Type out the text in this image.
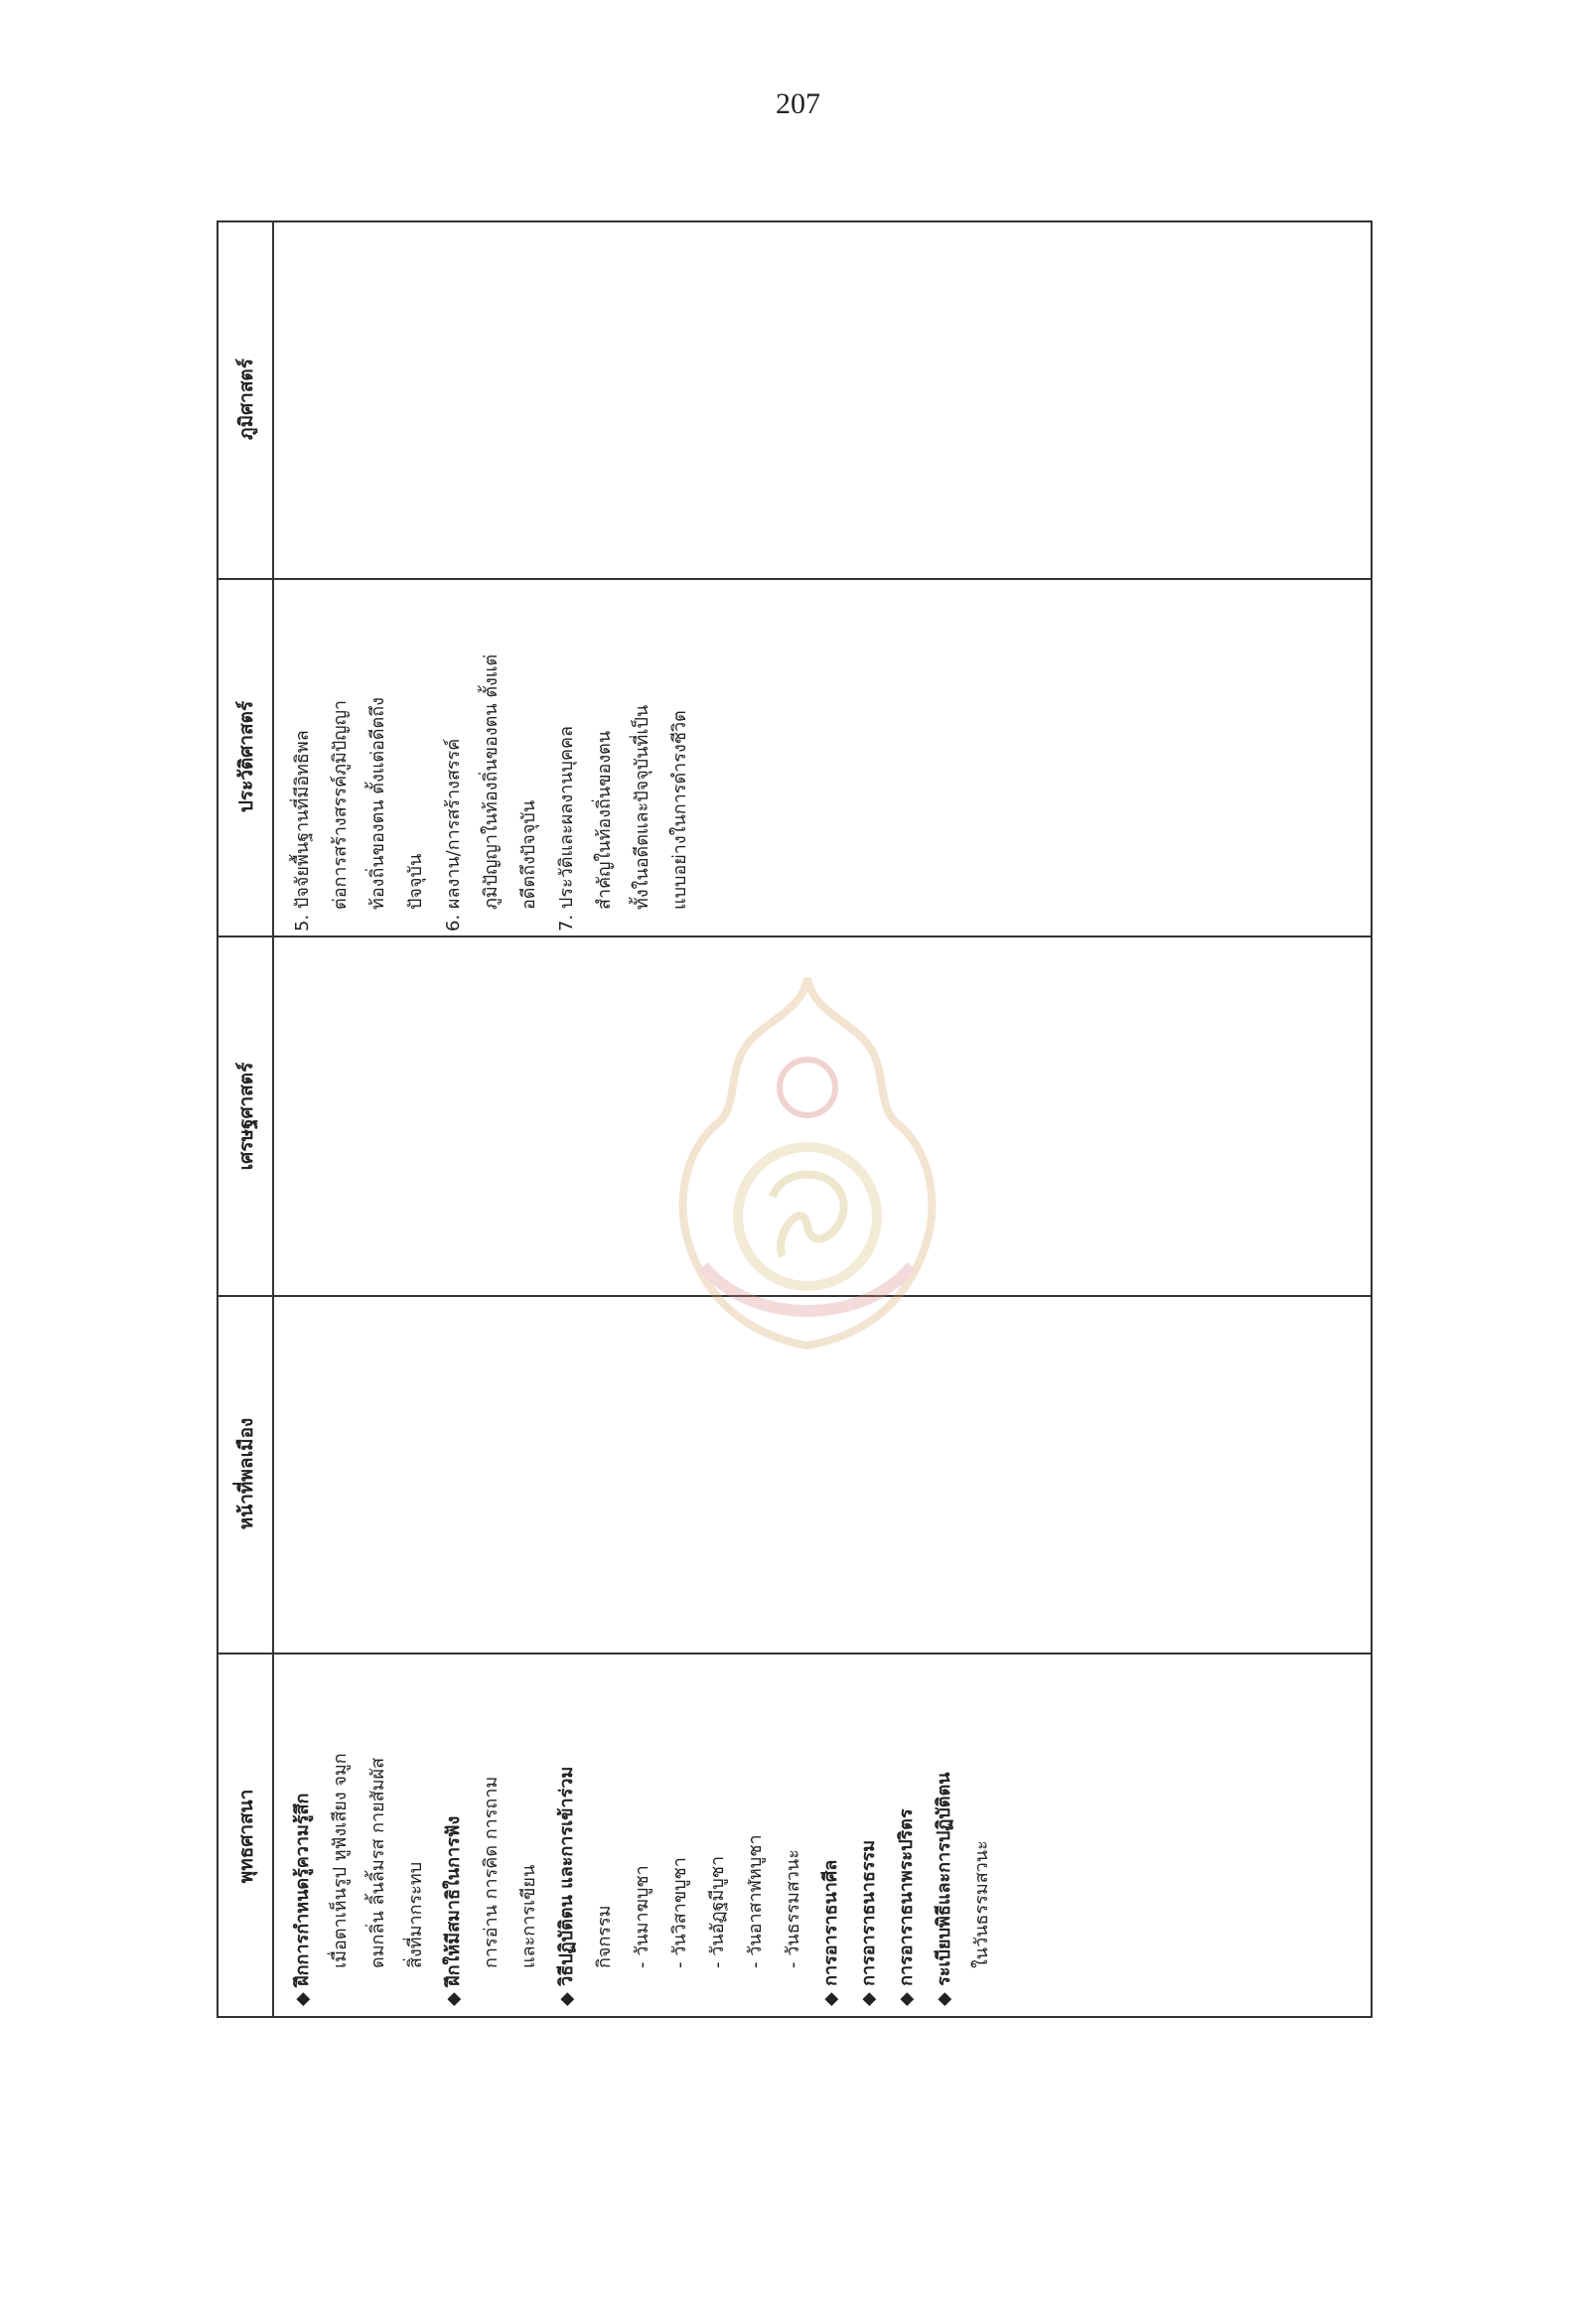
207
พุทธศาสนา
หน้าที่พลเมือง
เศรษฐศาสตร์
ประวัติศาสตร์
ภูมิศาสตร์
◆ ฝึกการกำหนดรู้ความรู้สึก เมื่อตาเห็นรูป หูฟังเสียง จมูก ดมกลิ่น ลิ้นลิ้มรส กายสัมผัส สิ่งที่มากระทบ ◆ ฝึกให้มีสมาธิในการฟัง การอ่าน การคิด การถาม และการเขียน ◆ วิธีปฏิบัติตน และการเข้าร่วม กิจกรรม - วันมาฆบูชา - วันวิสาขบูชา - วันอัฏฐมีบูชา - วันอาสาฬหบูชา - วันธรรมสวนะ ◆ การอาราธนาศีล ◆ การอาราธนาธรรม ◆ การอาราธนาพระปริตร ◆ ระเบียบพิธีและการปฏิบัติตน ในวันธรรมสวนะ
5. ปัจจัยพื้นฐานที่มีอิทธิพล ต่อการสร้างสรรค์ภูมิปัญญา ท้องถิ่นของตน ตั้งแต่อดีตถึง ปัจจุบัน 6. ผลงาน/การสร้างสรรค์ ภูมิปัญญาในท้องถิ่นของตน ตั้งแต่ อดีตถึงปัจจุบัน 7. ประวัติและผลงานบุคคล สำคัญในท้องถิ่นของตน ทั้งในอดีตและปัจจุบันที่เป็น แบบอย่างในการดำรงชีวิต
